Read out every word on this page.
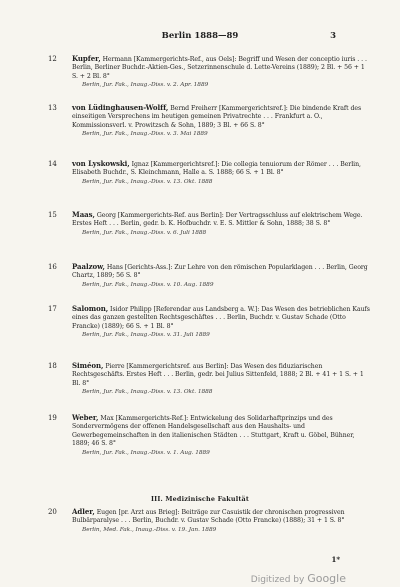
Berlin 1888—89	3
12 Kupfer, Hermann [Kammergerichts-Ref., aus Oels]: Begriff und Wesen der conceptio iuris . . . Berlin, Berliner Buchdr.-Aktien-Ges., Setzerinnenschule d. Lette-Vereins (1889); 2 Bl. + 56 + 1 S. + 2 Bl. 8°
Berlin, Jur. Fak., Inaug.-Diss. v. 2. Apr. 1889
13 von Lüdinghausen-Wolff, Bernd Freiherr [Kammergerichtsref.]: Die bindende Kraft des einseitigen Versprechens im heutigen gemeinen Privatrechte . . . Frankfurt a. O., Kommissionsverl. v. Prowitzsch & Sohn, 1889; 3 Bl. + 66 S. 8°
Berlin, Jur. Fak., Inaug.-Diss. v. 3. Mai 1889
14 von Lyskowski, Ignaz [Kammergerichtsref.]: Die collegia tenuiorum der Römer . . . Berlin, Elisabeth Buchdr., S. Kleinchmann, Halle a. S. 1888; 66 S. + 1 Bl. 8°
Berlin, Jur. Fak., Inaug.-Diss. v. 13. Okt. 1888
15 Maas, Georg [Kammergerichts-Ref. aus Berlin]: Der Vertragsschluss auf elektrischem Wege. Erstes Heft . . . Berlin, gedr. b. K. Hofbuchdr. v. E. S. Mittler & Sohn, 1888; 38 S. 8°
Berlin, Jur. Fak., Inaug.-Diss. v. 6. Juli 1888
16 Paalzow, Hans [Gerichts-Ass.]: Zur Lehre von den römischen Popularklagen . . . Berlin, Georg Chartz, 1889; 56 S. 8°
Berlin, Jur. Fak., Inaug.-Diss. v. 10. Aug. 1889
17 Salomon, Isidor Philipp [Referendar aus Landsberg a. W.]: Das Wesen des betrieblichen Kaufs eines das ganzen gestellten Rechtsgeschäftes . . . Berlin, Buchdr. v. Gustav Schade (Otto Francke) (1889); 66 S. + 1 Bl. 8°
Berlin, Jur. Fak., Inaug.-Diss. v. 31. Juli 1889
18 Siméon, Pierre [Kammergerichtsref. aus Berlin]: Das Wesen des fiduziarischen Rechtsgeschäfts. Erstes Heft . . . Berlin, gedr. bei Julius Sittenfeld, 1888; 2 Bl. + 41 + 1 S. + 1 Bl. 8°
Berlin, Jur. Fak., Inaug.-Diss. v. 13. Okt. 1888
19 Weber, Max [Kammergerichts-Ref.]: Entwickelung des Solidarhaftprinzips und des Sondervermögens der offenen Handelsgesellschaft aus den Haushalts- und Gewerbegemeinschaften in den italienischen Städten . . . Stuttgart, Kraft u. Göbel, Bühner, 1889; 46 S. 8°
Berlin, Jur. Fak., Inaug.-Diss. v. 1. Aug. 1889
III. Medizinische Fakultät
20 Adler, Eugen [pr. Arzt aus Brieg]: Beiträge zur Casuistik der chronischen progressiven Bulbärparalyse . . . Berlin, Buchdr. v. Gustav Schade (Otto Francke) (1888); 31 + 1 S. 8°
Berlin, Med. Fak., Inaug.-Diss. v. 19. Jan. 1889
1*
Digitized by Google
